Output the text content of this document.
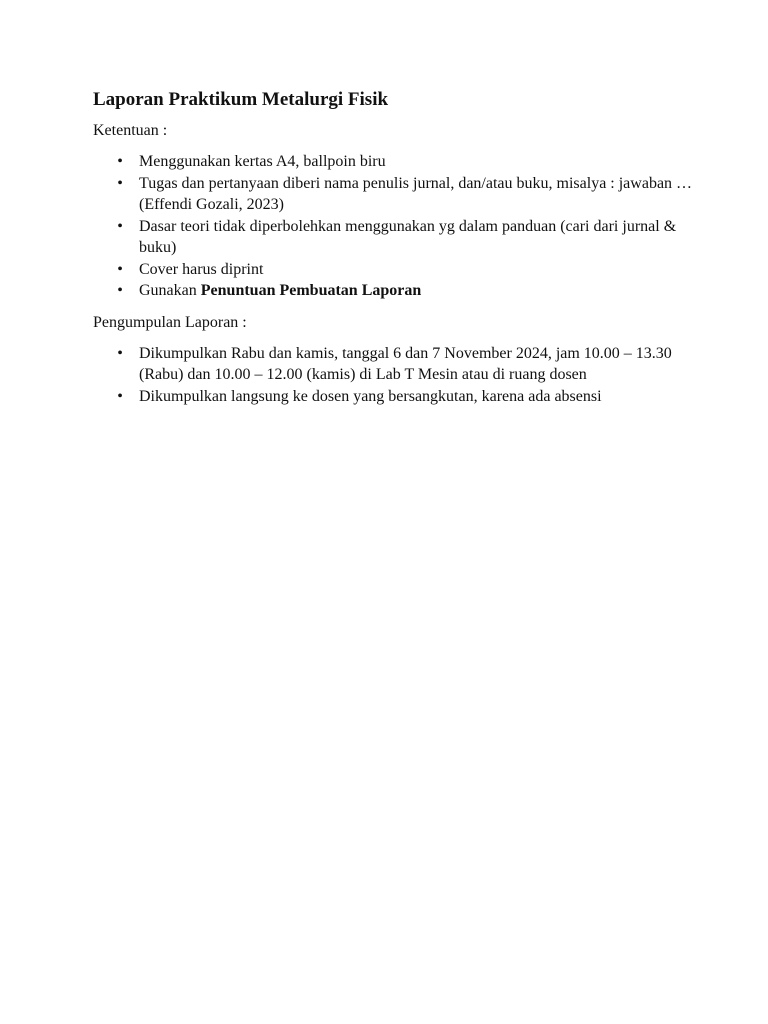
Laporan Praktikum Metalurgi Fisik
Ketentuan :
• Menggunakan kertas A4, ballpoin biru
• Tugas dan pertanyaan diberi nama penulis jurnal, dan/atau buku, misalya : jawaban … (Effendi Gozali, 2023)
• Dasar teori tidak diperbolehkan menggunakan yg dalam panduan (cari dari jurnal & buku)
• Cover harus diprint
• Gunakan Penuntuan Pembuatan Laporan
Pengumpulan Laporan :
• Dikumpulkan Rabu dan kamis, tanggal 6 dan 7 November 2024, jam 10.00 – 13.30 (Rabu) dan 10.00 – 12.00 (kamis) di Lab T Mesin atau di ruang dosen
• Dikumpulkan langsung ke dosen yang bersangkutan, karena ada absensi
